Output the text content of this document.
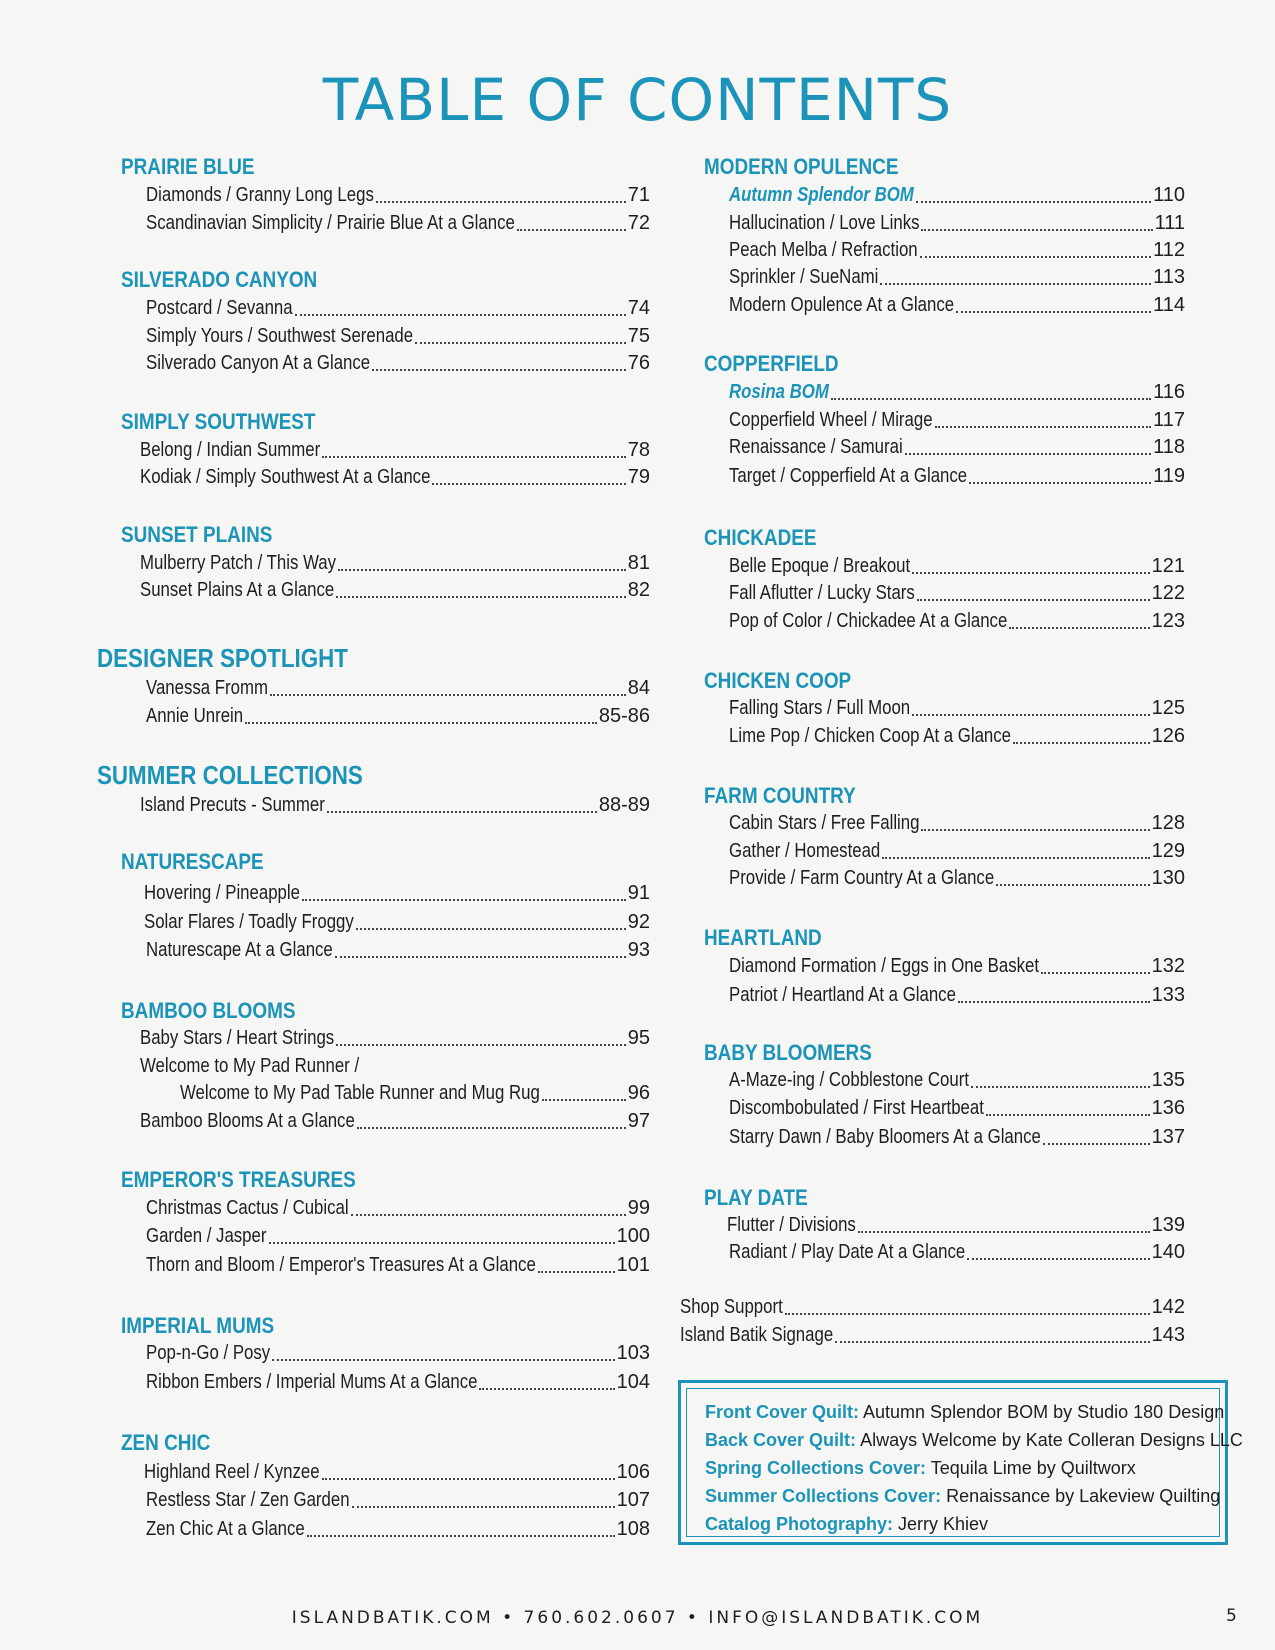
TABLE OF CONTENTS
PRAIRIE BLUE
Diamonds / Granny Long Legs	71
Scandinavian Simplicity / Prairie Blue At a Glance	72
SILVERADO CANYON
Postcard / Sevanna	74
Simply Yours / Southwest Serenade	75
Silverado Canyon At a Glance	76
SIMPLY SOUTHWEST
Belong / Indian Summer	78
Kodiak / Simply Southwest At a Glance	79
SUNSET PLAINS
Mulberry Patch / This Way	81
Sunset Plains At a Glance	82
DESIGNER SPOTLIGHT
Vanessa Fromm	84
Annie Unrein	85-86
SUMMER COLLECTIONS
Island Precuts - Summer	88-89
NATURESCAPE
Hovering / Pineapple	91
Solar Flares / Toadly Froggy	92
Naturescape At a Glance	93
BAMBOO BLOOMS
Baby Stars / Heart Strings	95
Welcome to My Pad Runner /
Welcome to My Pad Table Runner and Mug Rug	96
Bamboo Blooms At a Glance	97
EMPEROR'S TREASURES
Christmas Cactus / Cubical	99
Garden / Jasper	100
Thorn and Bloom / Emperor's Treasures At a Glance	101
IMPERIAL MUMS
Pop-n-Go / Posy	103
Ribbon Embers / Imperial Mums At a Glance	104
ZEN CHIC
Highland Reel / Kynzee	106
Restless Star / Zen Garden	107
Zen Chic At a Glance	108
MODERN OPULENCE
Autumn Splendor BOM	110
Hallucination / Love Links	111
Peach Melba / Refraction	112
Sprinkler / SueNami	113
Modern Opulence At a Glance	114
COPPERFIELD
Rosina BOM	116
Copperfield Wheel / Mirage	117
Renaissance / Samurai	118
Target / Copperfield At a Glance	119
CHICKADEE
Belle Epoque / Breakout	121
Fall Aflutter / Lucky Stars	122
Pop of Color / Chickadee At a Glance	123
CHICKEN COOP
Falling Stars / Full Moon	125
Lime Pop / Chicken Coop At a Glance	126
FARM COUNTRY
Cabin Stars / Free Falling	128
Gather / Homestead	129
Provide / Farm Country At a Glance	130
HEARTLAND
Diamond Formation / Eggs in One Basket	132
Patriot / Heartland At a Glance	133
BABY BLOOMERS
A-Maze-ing / Cobblestone Court	135
Discombobulated / First Heartbeat	136
Starry Dawn / Baby Bloomers At a Glance	137
PLAY DATE
Flutter / Divisions	139
Radiant / Play Date At a Glance	140
Shop Support	142
Island Batik Signage	143
Front Cover Quilt: Autumn Splendor BOM by Studio 180 Design
Back Cover Quilt: Always Welcome by Kate Colleran Designs LLC
Spring Collections Cover: Tequila Lime by Quiltworx
Summer Collections Cover: Renaissance by Lakeview Quilting
Catalog Photography: Jerry Khiev
ISLANDBATIK.COM • 760.602.0607 • INFO@ISLANDBATIK.COM	5
